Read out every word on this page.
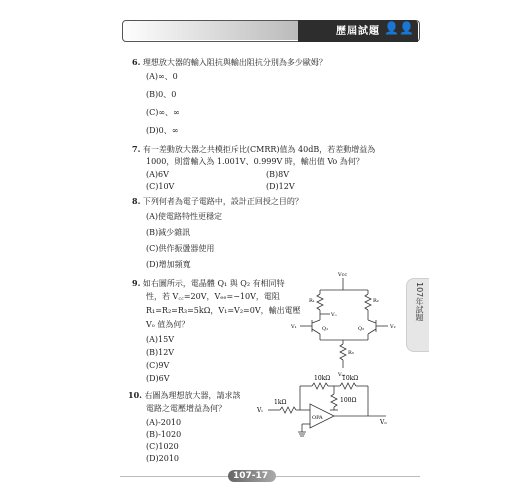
歷屆試題 👤👤
107年試題
6. 理想放大器的輸入阻抗與輸出阻抗分別為多少歐姆？
(A)∞、0
(B)0、0
(C)∞、∞
(D)0、∞
7. 有一差動放大器之共模拒斥比(CMRR)值為 40dB，若差動增益為
1000，則當輸入為 1.001V、0.999V 時，輸出值 Vo 為何？
(A)6V	(B)8V
(C)10V	(D)12V
8. 下列何者為電子電路中，設計正回授之目的？
(A)使電路特性更穩定
(B)減少雜訊
(C)供作振盪器使用
(D)增加頻寬
9. 如右圖所示，電晶體 Q₁ 與 Q₂ 有相同特
性，若 V꜀꜀=20V，Vₑₑ=−10V，電阻
R₁=R₂=R₃=5kΩ，V₁=V₂=0V，輸出電壓
Vₒ 值為何？
(A)15V
(B)12V
(C)9V
(D)6V
Vcc
R₁	R₂
R₃
Q₁	Q₂
V₁	V₂
Vₒ
Vₑₑ
10. 右圖為理想放大器，請求該
電路之電壓增益為何？
(A)-2010
(B)-1020
(C)1020
(D)2010
10kΩ 10kΩ
100Ω
1kΩ
Vᵢ
Vₒ
OPA
107-17
